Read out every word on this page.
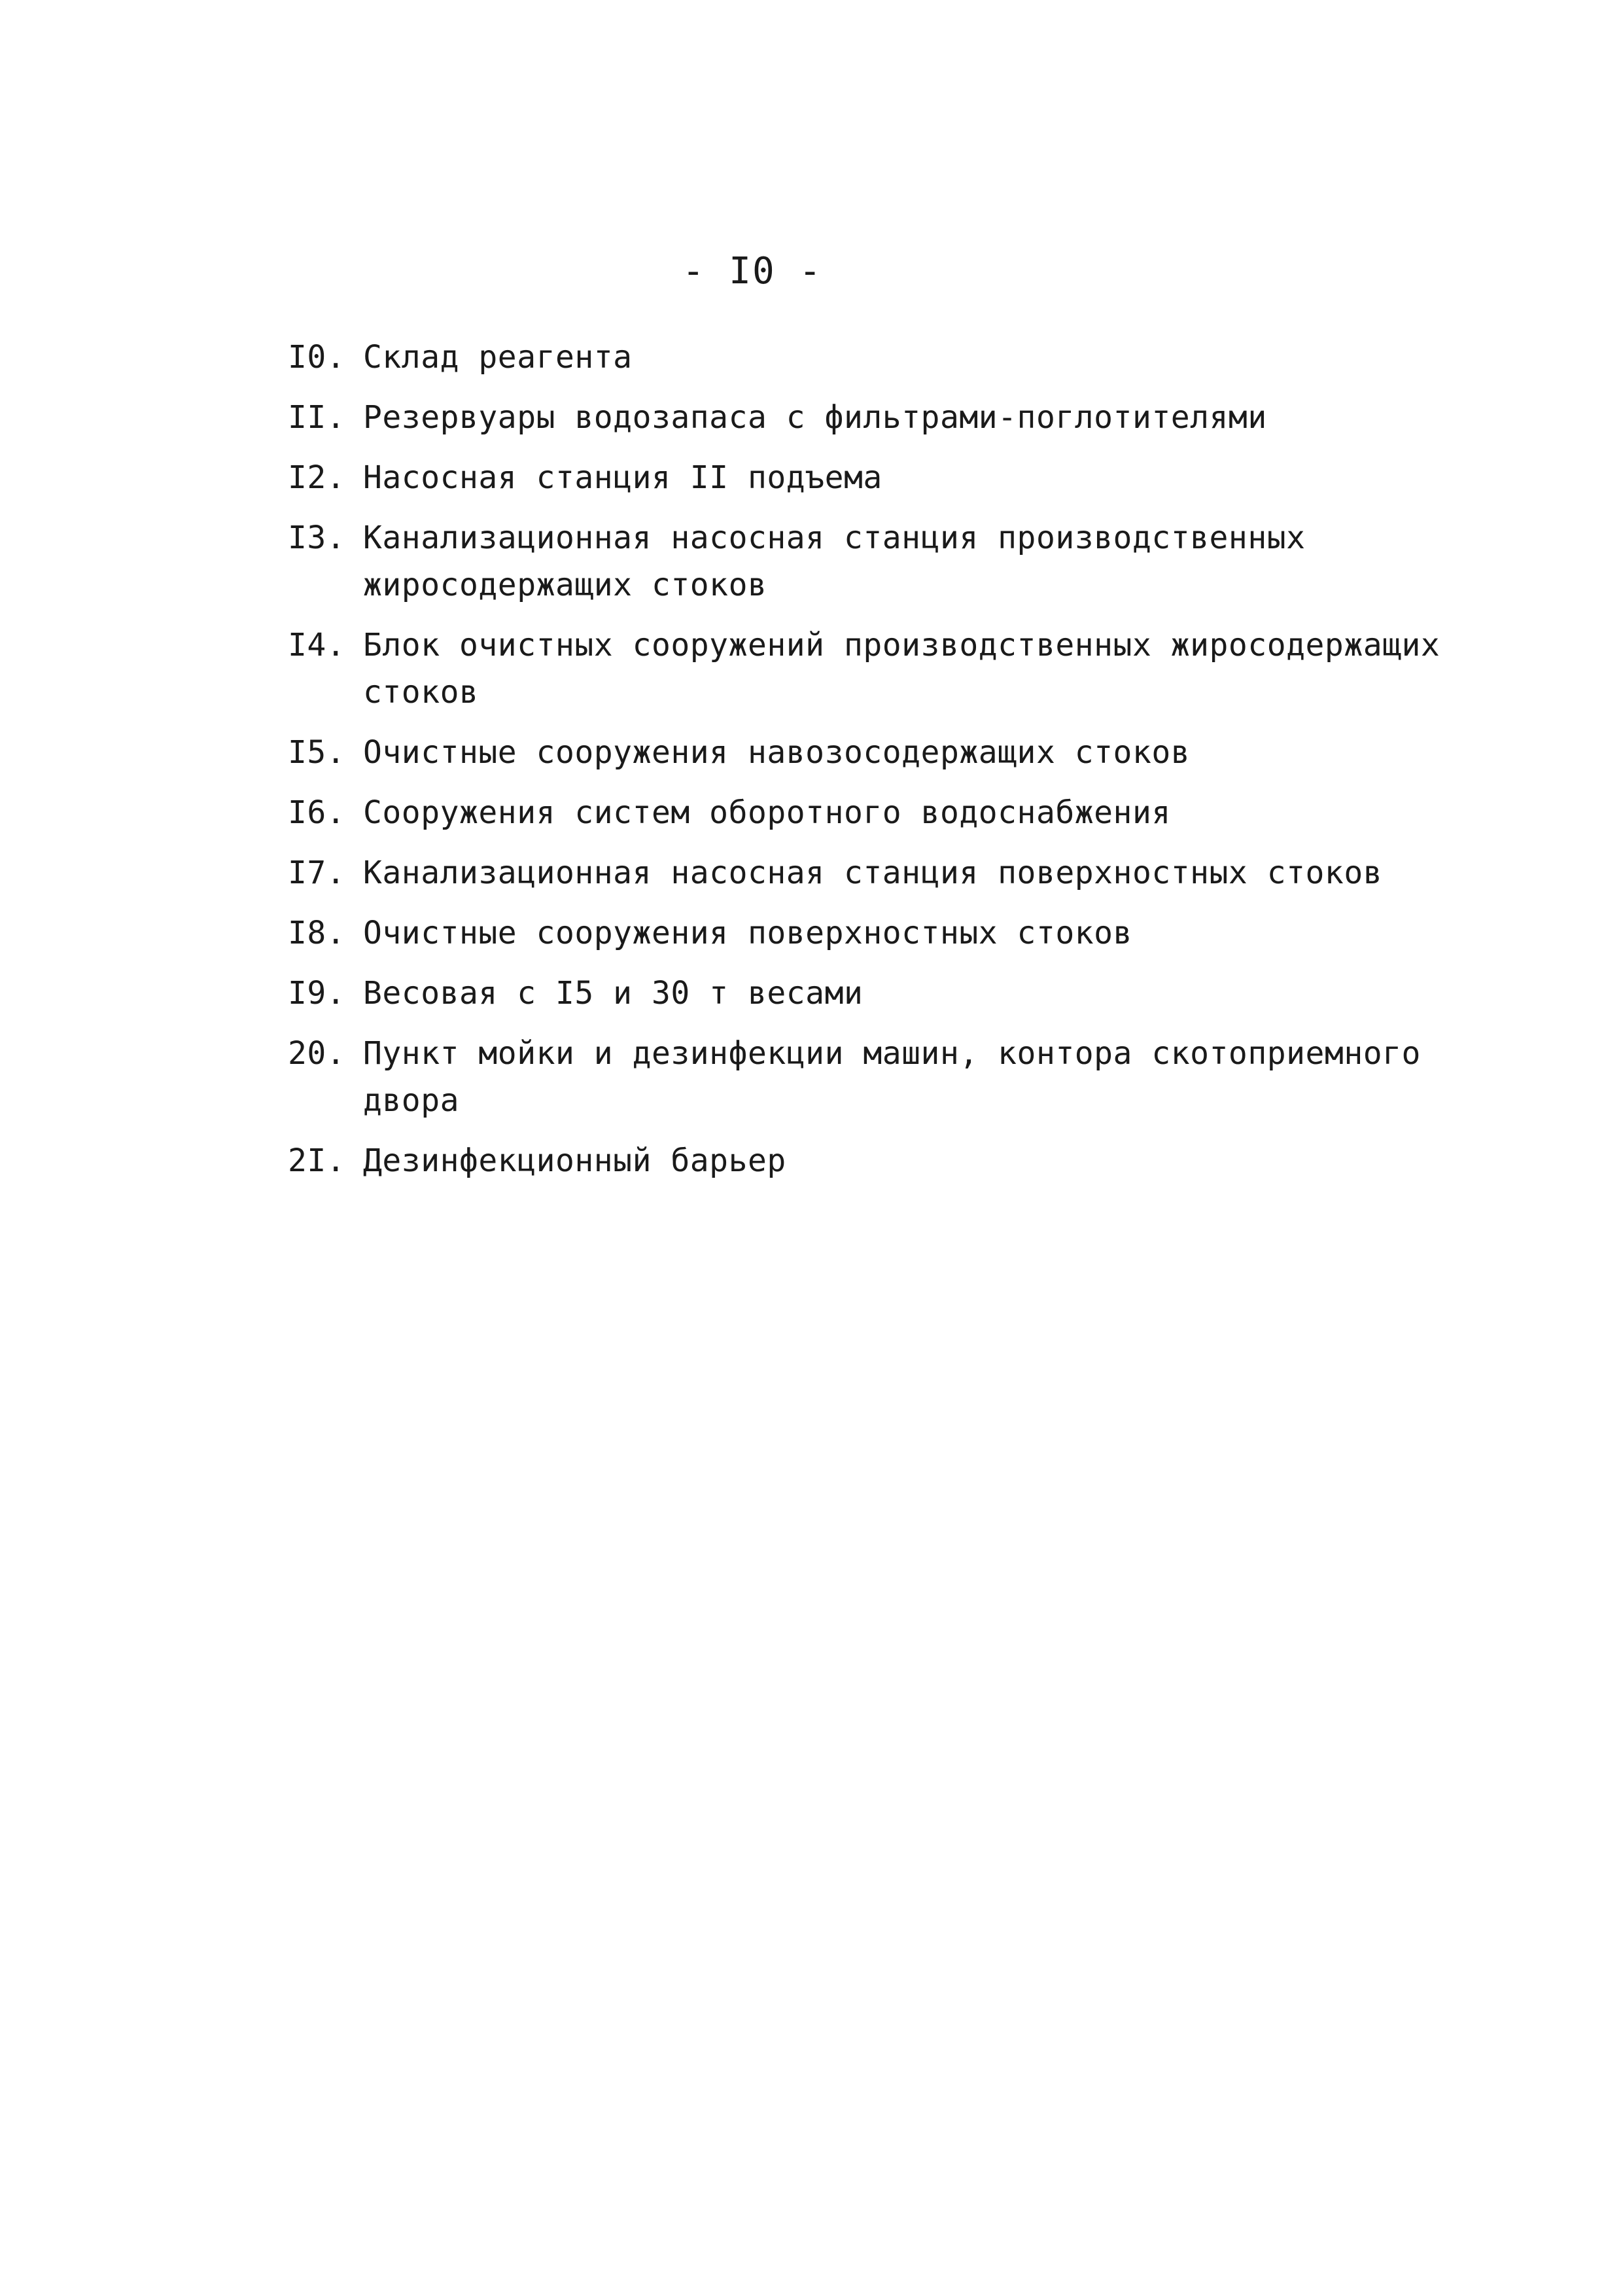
- I0 -
I0. Склад реагента
II. Резервуары водозапаса с фильтрами-поглотителями
I2. Насосная станция II подъема
I3. Канализационная насосная станция производственных жиросодержащих стоков
I4. Блок очистных сооружений производственных жиросодержащих стоков
I5. Очистные сооружения навозосодержащих стоков
I6. Сооружения систем оборотного водоснабжения
I7. Канализационная насосная станция поверхностных стоков
I8. Очистные сооружения поверхностных стоков
I9. Весовая с I5 и 30 т весами
20. Пункт мойки и дезинфекции машин, контора скотоприемного двора
2I. Дезинфекционный барьер
